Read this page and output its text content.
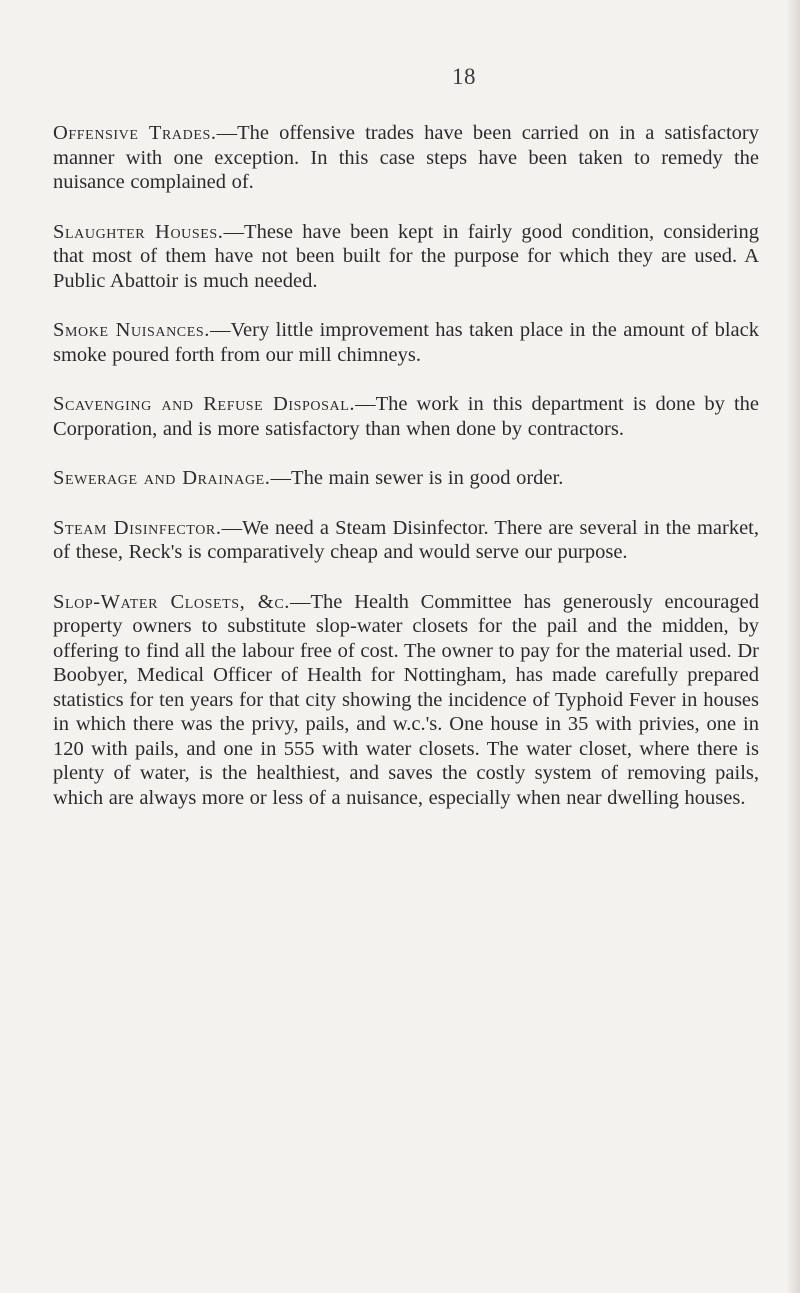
18

Offensive Trades.—The offensive trades have been carried on in a satisfactory manner with one exception. In this case steps have been taken to remedy the nuisance complained of.

Slaughter Houses.—These have been kept in fairly good condition, considering that most of them have not been built for the purpose for which they are used. A Public Abattoir is much needed.

Smoke Nuisances.—Very little improvement has taken place in the amount of black smoke poured forth from our mill chimneys.

Scavenging and Refuse Disposal.—The work in this department is done by the Corporation, and is more satisfactory than when done by contractors.

Sewerage and Drainage.—The main sewer is in good order.

Steam Disinfector.—We need a Steam Disinfector. There are several in the market, of these, Reck's is comparatively cheap and would serve our purpose.

Slop-Water Closets, &c.—The Health Committee has generously encouraged property owners to substitute slop-water closets for the pail and the midden, by offering to find all the labour free of cost. The owner to pay for the material used. Dr Boobyer, Medical Officer of Health for Nottingham, has made carefully prepared statistics for ten years for that city showing the incidence of Typhoid Fever in houses in which there was the privy, pails, and w.c.'s. One house in 35 with privies, one in 120 with pails, and one in 555 with water closets. The water closet, where there is plenty of water, is the healthiest, and saves the costly system of removing pails, which are always more or less of a nuisance, especially when near dwelling houses.
